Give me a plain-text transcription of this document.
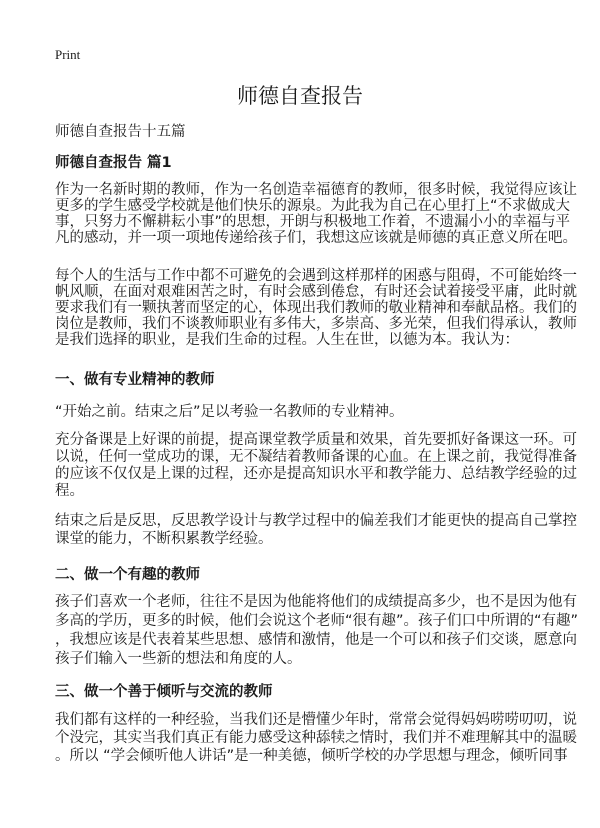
Print
师德自查报告
师德自查报告十五篇
师德自查报告 篇1
作为一名新时期的教师，作为一名创造幸福德育的教师，很多时候，我觉得应该让
更多的学生感受学校就是他们快乐的源泉。为此我为自己在心里打上“不求做成大
事，只努力不懈耕耘小事”的思想，开朗与积极地工作着，不遗漏小小的幸福与平
凡的感动，并一项一项地传递给孩子们，我想这应该就是师德的真正意义所在吧。
每个人的生活与工作中都不可避免的会遇到这样那样的困惑与阻碍，不可能始终一
帆风顺，在面对艰难困苦之时，有时会感到倦怠，有时还会试着接受平庸，此时就
要求我们有一颗执著而坚定的心，体现出我们教师的敬业精神和奉献品格。我们的
岗位是教师，我们不谈教师职业有多伟大，多崇高、多光荣，但我们得承认，教师
是我们选择的职业，是我们生命的过程。人生在世，以德为本。我认为：
一、做有专业精神的教师
“开始之前。结束之后”足以考验一名教师的专业精神。
充分备课是上好课的前提，提高课堂教学质量和效果，首先要抓好备课这一环。可
以说，任何一堂成功的课，无不凝结着教师备课的心血。在上课之前，我觉得准备
的应该不仅仅是上课的过程，还亦是提高知识水平和教学能力、总结教学经验的过
程。
结束之后是反思，反思教学设计与教学过程中的偏差我们才能更快的提高自己掌控
课堂的能力，不断积累教学经验。
二、做一个有趣的教师
孩子们喜欢一个老师，往往不是因为他能将他们的成绩提高多少，也不是因为他有
多高的学历，更多的时候，他们会说这个老师“很有趣”。孩子们口中所谓的“有趣”
，我想应该是代表着某些思想、感情和激情，他是一个可以和孩子们交谈，愿意向
孩子们输入一些新的想法和角度的人。
三、做一个善于倾听与交流的教师
我们都有这样的一种经验，当我们还是懵懂少年时，常常会觉得妈妈唠唠叨叨，说
个没完，其实当我们真正有能力感受这种舔犊之情时，我们并不难理解其中的温暖
。所以 “学会倾听他人讲话”是一种美德，倾听学校的办学思想与理念，倾听同事
